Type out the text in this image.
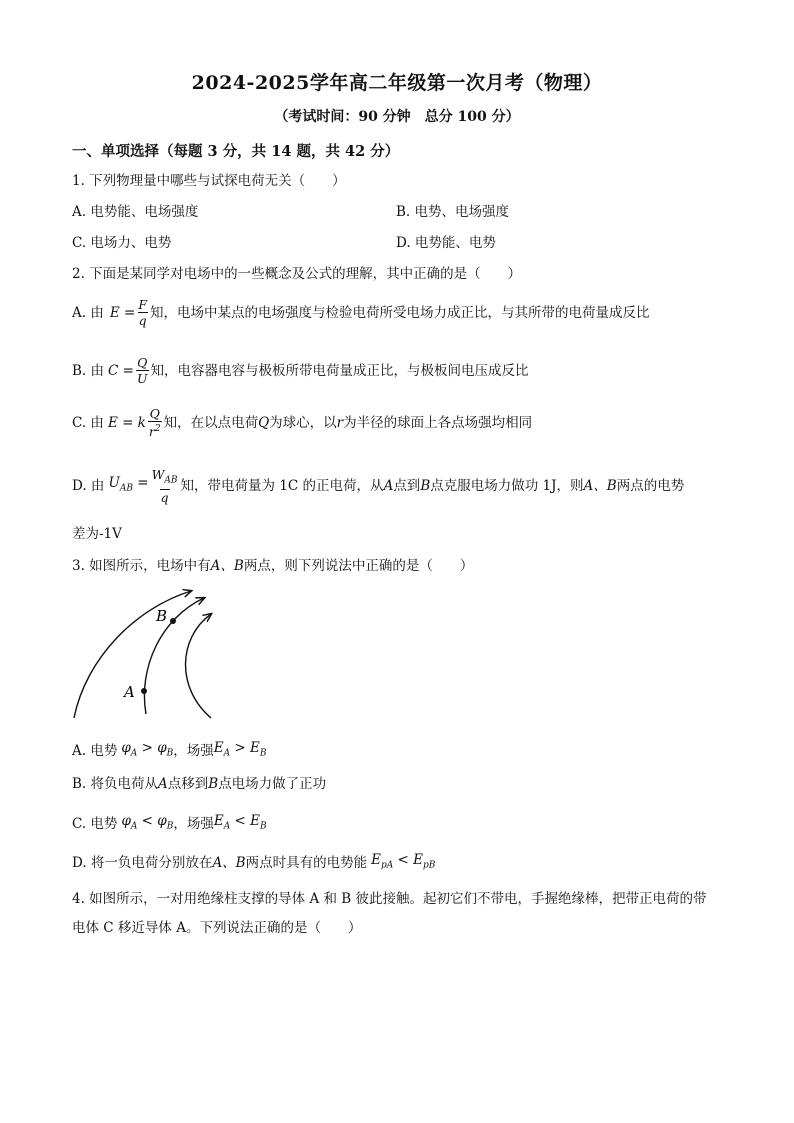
2024-2025学年高二年级第一次月考（物理）
（考试时间：90 分钟　总分 100 分）
一、单项选择（每题 3 分，共 14 题，共 42 分）
1. 下列物理量中哪些与试探电荷无关（　　）
A. 电势能、电场强度	B. 电势、电场强度
C. 电场力、电势	D. 电势能、电势
2. 下面是某同学对电场中的一些概念及公式的理解，其中正确的是（　　）
A. 由 $E = \frac{F}{q}$ 知，电场中某点的电场强度与检验电荷所受电场力成正比，与其所带的电荷量成反比
B. 由 $C = \frac{Q}{U}$ 知，电容器电容与极板所带电荷量成正比，与极板间电压成反比
C. 由 E = k $\frac{Q}{r^2}$ 知，在以点电荷 Q 为球心，以 r 为半径的球面上各点场强均相同
D. 由 $U_{AB} = \frac{W_{AB}}{q}$ 知，带电荷量为 1C 的正电荷，从 A 点到 B 点克服电场力做功 1J，则 A、B 两点的电势
差为-1V
3. 如图所示，电场中有 A、B 两点，则下列说法中正确的是（　　）
A
B
A. 电势 $\varphi_A > \varphi_B$ ，场强 $E_A > E_B$
B. 将负电荷从 A 点移到 B 点电场力做了正功
C. 电势 $\varphi_A < \varphi_B$ ，场强 $E_A < E_B$
D. 将一负电荷分别放在 A、B 两点时具有的电势能 $E_{pA} < E_{pB}$
4. 如图所示，一对用绝缘柱支撑的导体 A 和 B 彼此接触。起初它们不带电，手握绝缘棒，把带正电荷的带
电体 C 移近导体 A。下列说法正确的是（　　）
